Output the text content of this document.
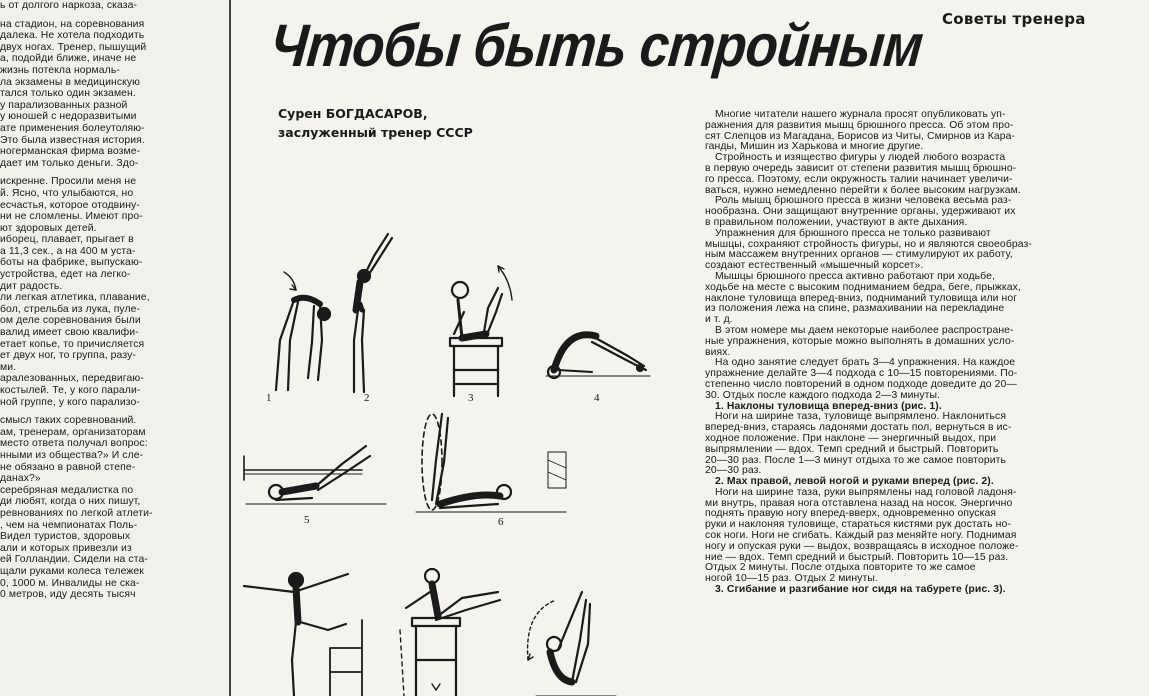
ь от долгого наркоза, сказа-

на стадион, на соревнования

далека. Не хотела подходить

двух ногах. Тренер, пышущий

а, подойди ближе, иначе не

жизнь потекла нормаль-

ла экзамены в медицинскую

тался только один экзамен.

у парализованных разной

у юношей с недоразвитыми

ате применения болеутоляю-

Это была известная история.

ногерманская фирма возме-

дает им только деньги. Здо-

искренне. Просили меня не

й. Ясно, что улыбаются, но

есчастья, которое отодвину-

ни не сломлены. Имеют про-

ют здоровых детей.

иборец, плавает, прыгает в

а 11,3 сек., а на 400 м уста-

боты на фабрике, выпускаю-

устройства, едет на легко-

дит радость.

ли легкая атлетика, плавание,

бол, стрельба из лука, пуле-

ом деле соревнования были

валид имеет свою квалифи-

етает копье, то причисляется

ет двух ног, то группа, разу-

ми.

аралезованных, передвигаю-

костылей. Те, у кого парали-

ной группе, у кого парализо-

смысл таких соревнований.

ам, тренерам, организаторам

место ответа получал вопрос:

нными из общества?» И сле-

не обязано в равной степе-

данах?»

серебряная медалистка по

ди любят, когда о них пишут,

ревнованиях по легкой атлети-

, чем на чемпионатах Поль-

Видел туристов, здоровых

али и которых привезли из

ей Голландии. Сидели на ста-

щали руками колеса тележек

0, 1000 м. Инвалиды не ска-

0 метров, иду десять тысяч

Советы тренера
Чтобы быть стройным
Сурен БОГДАСАРОВ,
заслуженный тренер СССР

Многие читатели нашего журнала просят опубликовать уп-

ражнения для развития мышц брюшного пресса. Об этом про-

сят Слепцов из Магадана, Борисов из Читы, Смирнов из Кара-

ганды, Мишин из Харькова и многие другие.

Стройность и изящество фигуры у людей любого возраста

в первую очередь зависит от степени развития мышц брюшно-

го пресса. Поэтому, если окружность талии начинает увеличи-

ваться, нужно немедленно перейти к более высоким нагрузкам.

Роль мышц брюшного пресса в жизни человека весьма раз-

нообразна. Они защищают внутренние органы, удерживают их

в правильном положении, участвуют в акте дыхания.

Упражнения для брюшного пресса не только развивают

мышцы, сохраняют стройность фигуры, но и являются своеобраз-

ным массажем внутренних органов — стимулируют их работу,

создают естественный «мышечный корсет».

Мышцы брюшного пресса активно работают при ходьбе,

ходьбе на месте с высоким подниманием бедра, беге, прыжках,

наклоне туловища вперед-вниз, подниманий туловища или ног

из положения лежа на спине, размахивании на перекладине

и т. д.

В этом номере мы даем некоторые наиболее распростране-

ные упражнения, которые можно выполнять в домашних усло-

виях.

На одно занятие следует брать 3—4 упражнения. На каждое

упражнение делайте 3—4 подхода с 10—15 повторениями. По-

степенно число повторений в одном подходе доведите до 20—

30. Отдых после каждого подхода 2—3 минуты.

1. Наклоны туловища вперед-вниз (рис. 1).

Ноги на ширине таза, туловище выпрямлено. Наклониться

вперед-вниз, стараясь ладонями достать пол, вернуться в ис-

ходное положение. При наклоне — энергичный выдох, при

выпрямлении — вдох. Темп средний и быстрый. Повторить

20—30 раз. После 1—3 минут отдыха то же самое повторить

20—30 раз.

2. Мах правой, левой ногой и руками вперед (рис. 2).

Ноги на ширине таза, руки выпрямлены над головой ладоня-

ми внутрь, правая нога отставлена назад на носок. Энергично

поднять правую ногу вперед-вверх, одновременно опуская

руки и наклоняя туловище, стараться кистями рук достать но-

сок ноги. Ноги не сгибать. Каждый раз меняйте ногу. Поднимая

ногу и опуская руки — выдох, возвращаясь в исходное положе-

ние — вдох. Темп средний и быстрый. Повторить 10—15 раз.

Отдых 2 минуты. После отдыха повторите то же самое

ногой 10—15 раз. Отдых 2 минуты.

3. Сгибание и разгибание ног сидя на табурете (рис. 3).

1	2	3	4
5	6
